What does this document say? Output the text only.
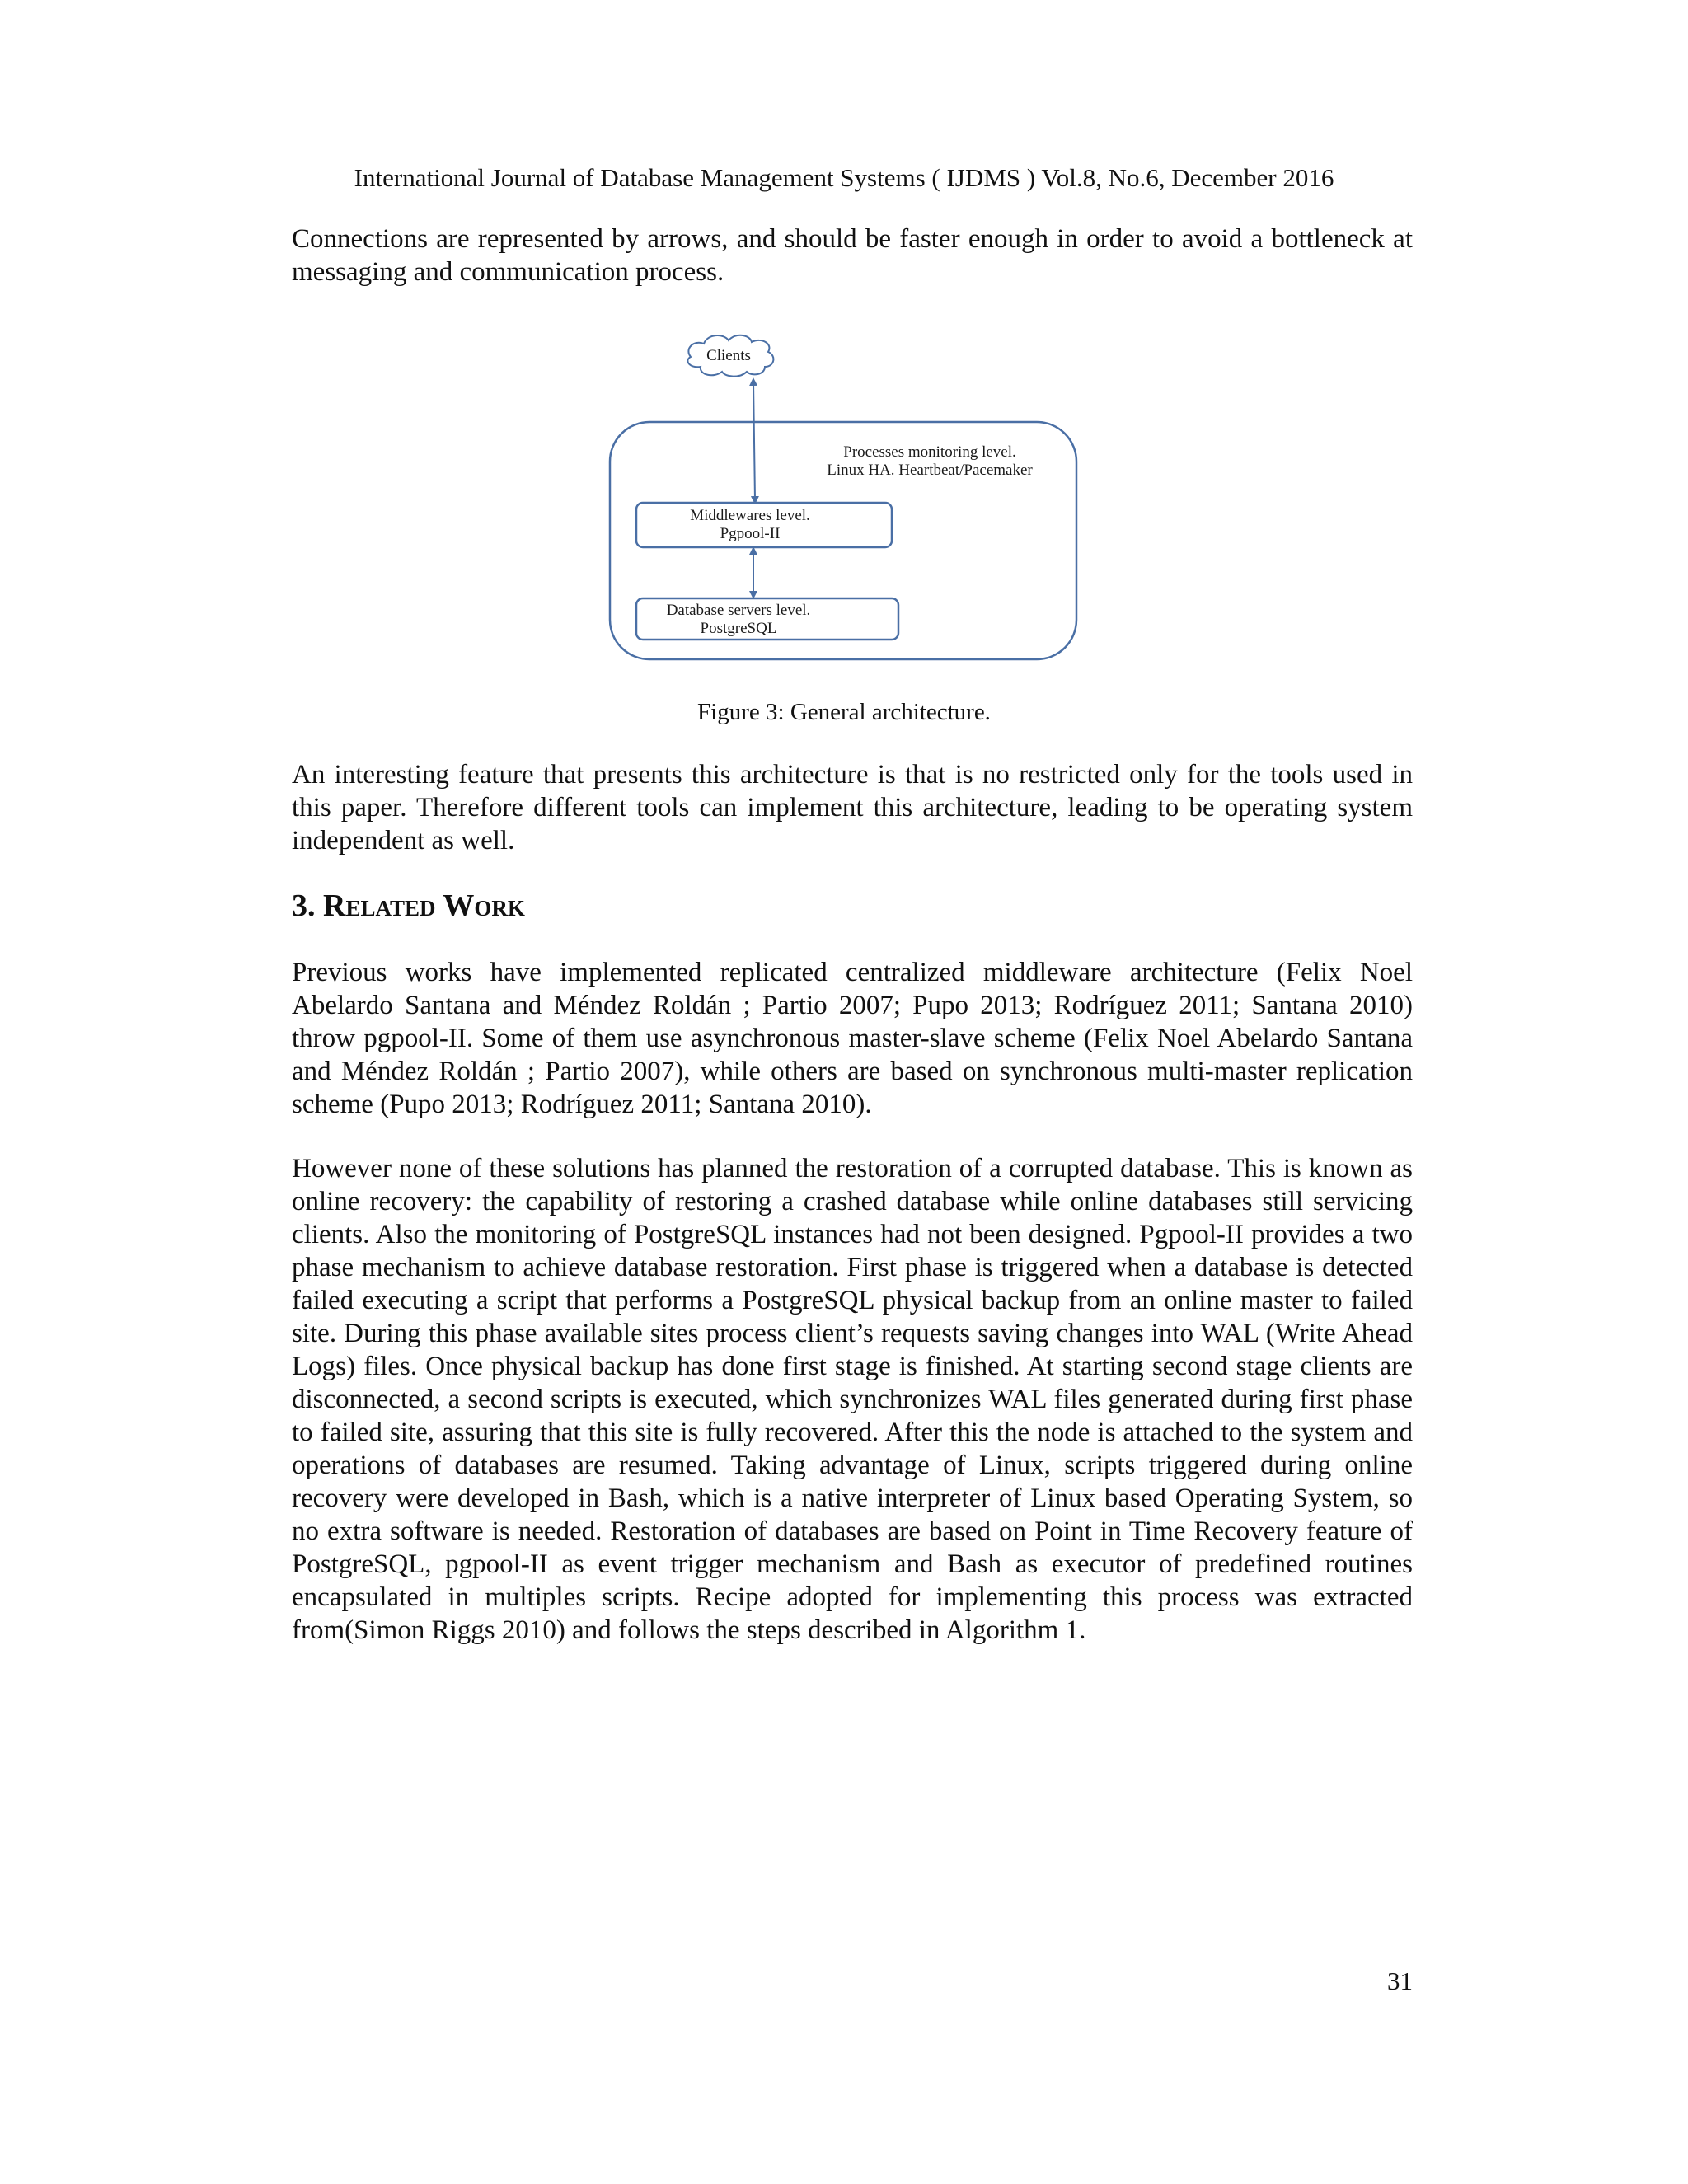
International Journal of Database Management Systems ( IJDMS ) Vol.8, No.6, December 2016

Connections are represented by arrows, and should be faster enough in order to avoid a bottleneck at messaging and communication process.

Clients
Processes monitoring level.
Linux HA. Heartbeat/Pacemaker
Middlewares level.
Pgpool-II
Database servers level.
PostgreSQL
Figure 3: General architecture.

An interesting feature that presents this architecture is that is no restricted only for the tools used in this paper. Therefore different tools can implement this architecture, leading to be operating system independent as well.

3. Related Work

Previous works have implemented replicated centralized middleware architecture (Felix Noel Abelardo Santana and Méndez Roldán ; Partio 2007; Pupo 2013; Rodríguez 2011; Santana 2010) throw pgpool-II. Some of them use asynchronous master-slave scheme (Felix Noel Abelardo Santana and Méndez Roldán ; Partio 2007), while others are based on synchronous multi-master replication scheme (Pupo 2013; Rodríguez 2011; Santana 2010).

However none of these solutions has planned the restoration of a corrupted database. This is known as online recovery: the capability of restoring a crashed database while online databases still servicing clients. Also the monitoring of PostgreSQL instances had not been designed. Pgpool-II provides a two phase mechanism to achieve database restoration. First phase is triggered when a database is detected failed executing a script that performs a PostgreSQL physical backup from an online master to failed site. During this phase available sites process client’s requests saving changes into WAL (Write Ahead Logs) files. Once physical backup has done first stage is finished. At starting second stage clients are disconnected, a second scripts is executed, which synchronizes WAL files generated during first phase to failed site, assuring that this site is fully recovered. After this the node is attached to the system and operations of databases are resumed. Taking advantage of Linux, scripts triggered during online recovery were developed in Bash, which is a native interpreter of Linux based Operating System, so no extra software is needed. Restoration of databases are based on Point in Time Recovery feature of PostgreSQL, pgpool-II as event trigger mechanism and Bash as executor of predefined routines encapsulated in multiples scripts. Recipe adopted for implementing this process was extracted from(Simon Riggs 2010) and follows the steps described in Algorithm 1.

31
